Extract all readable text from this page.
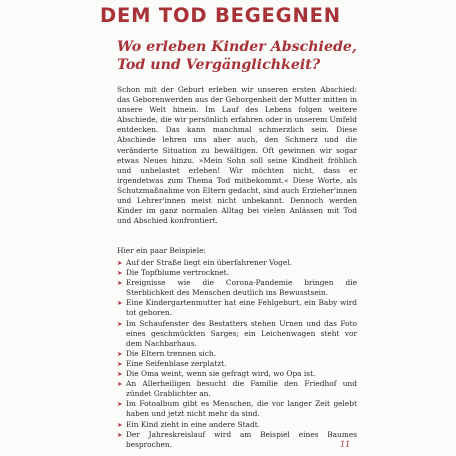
DEM TOD BEGEGNEN
Wo erleben Kinder Abschiede, Tod und Vergänglichkeit?

Schon mit der Geburt erleben wir unseren ersten Abschied: das Geborenwerden aus der Geborgenheit der Mutter mitten in unsere Welt hinein. Im Lauf des Lebens folgen weitere Abschiede, die wir persönlich erfahren oder in unserem Umfeld entdecken. Das kann manchmal schmerzlich sein. Diese Abschiede lehren uns aber auch, den Schmerz und die veränderte Situation zu bewältigen. Oft gewinnen wir sogar etwas Neues hinzu. »Mein Sohn soll seine Kindheit fröhlich und unbelastet erleben! Wir möchten nicht, dass er irgendetwas zum Thema Tod mitbekommt.« Diese Worte, als Schutzmaßnahme von Eltern gedacht, sind auch Erzieher'innen und Lehrer'innen meist nicht unbekannt. Dennoch werden Kinder im ganz normalen Alltag bei vielen Anlässen mit Tod und Abschied konfrontiert.

Hier ein paar Beispiele:
➤ Auf der Straße liegt ein überfahrener Vogel.
➤ Die Topfblume vertrocknet.
➤ Ereignisse wie die Corona-Pandemie bringen die Sterblichkeit des Menschen deutlich ins Bewusstsein.
➤ Eine Kindergartenmutter hat eine Fehlgeburt, ein Baby wird tot geboren.
➤ Im Schaufenster des Bestatters stehen Urnen und das Foto eines geschmückten Sarges; ein Leichenwagen steht vor dem Nachbarhaus.
➤ Die Eltern trennen sich.
➤ Eine Seifenblase zerplatzt.
➤ Die Oma weint, wenn sie gefragt wird, wo Opa ist.
➤ An Allerheiligen besucht die Familie den Friedhof und zündet Grablichter an.
➤ Im Fotoalbum gibt es Menschen, die vor langer Zeit gelebt haben und jetzt nicht mehr da sind.
➤ Ein Kind zieht in eine andere Stadt.
➤ Der Jahreskreislauf wird am Beispiel eines Baumes besprochen.	11
